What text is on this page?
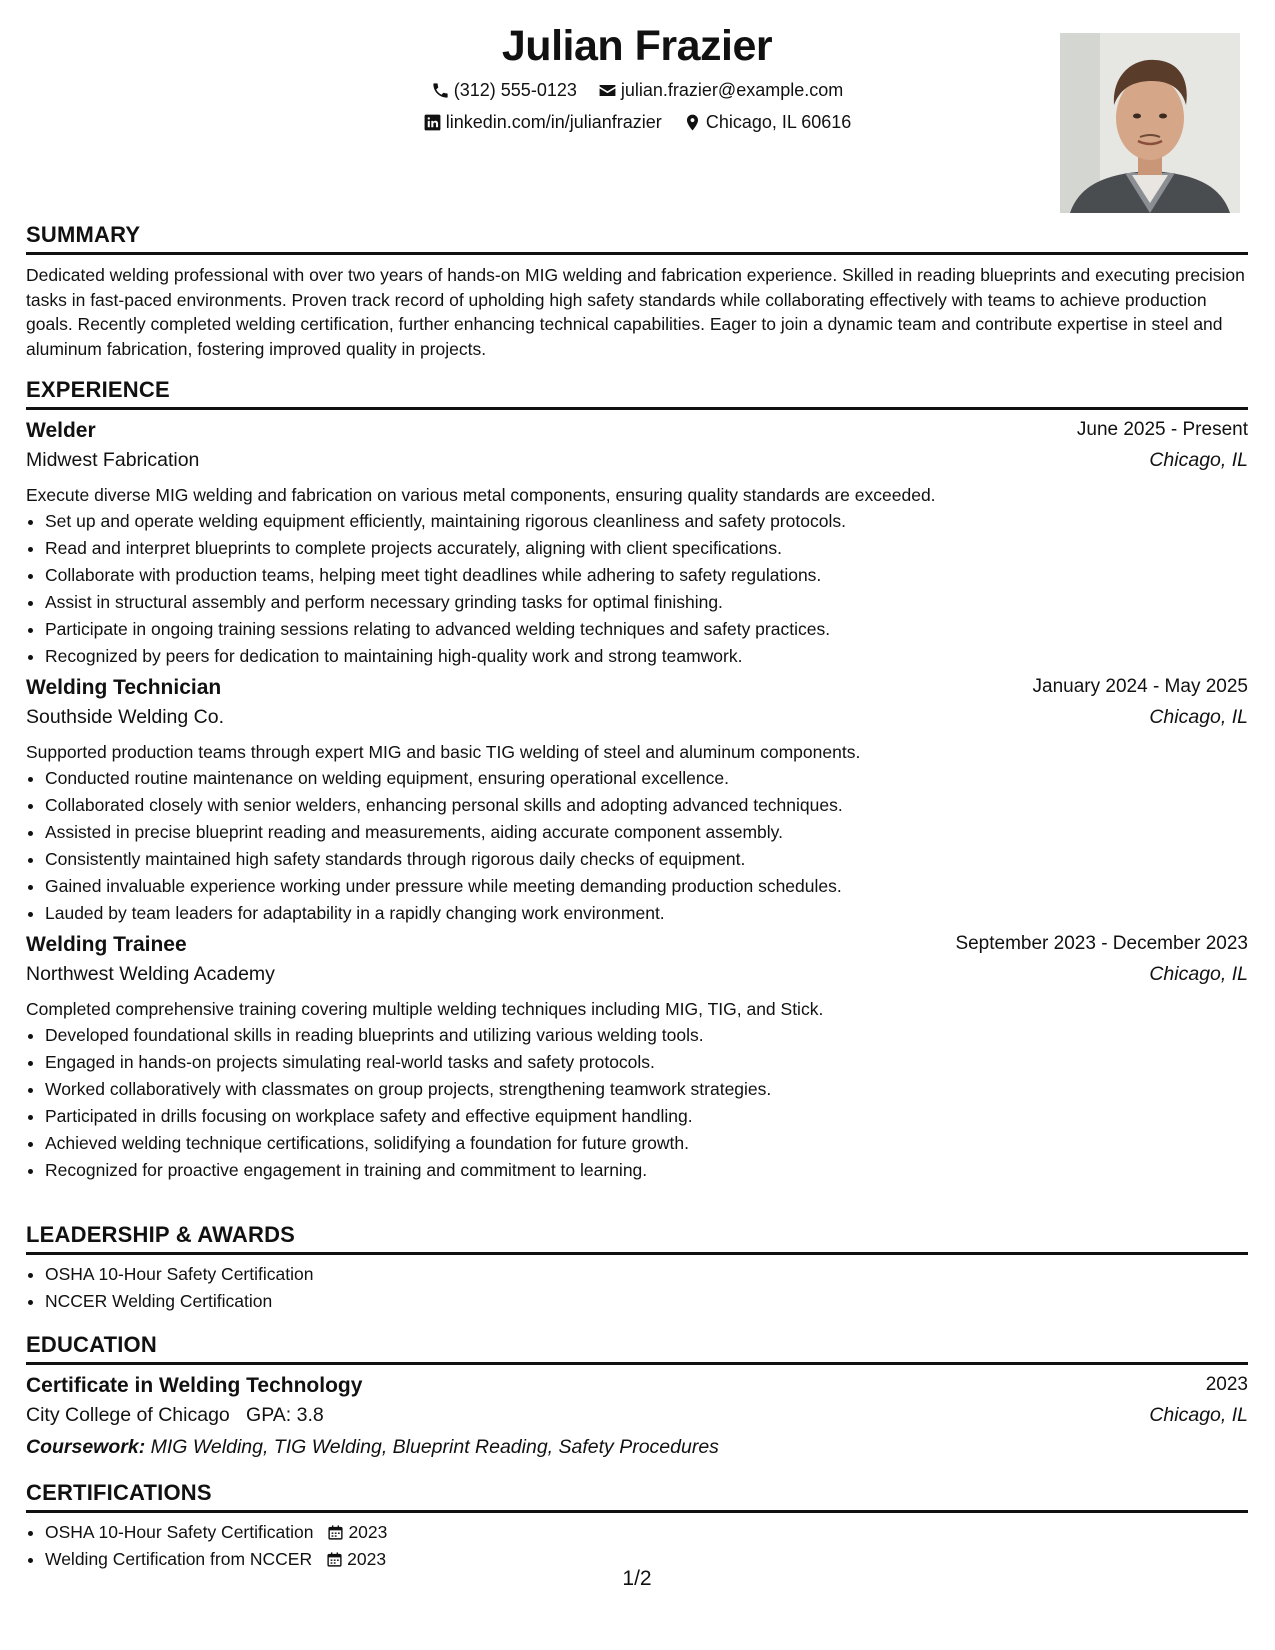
Julian Frazier
(312) 555-0123
julian.frazier@example.com
linkedin.com/in/julianfrazier
Chicago, IL 60616
SUMMARY
Dedicated welding professional with over two years of hands-on MIG welding and fabrication experience. Skilled in reading blueprints and executing precision tasks in fast-paced environments. Proven track record of upholding high safety standards while collaborating effectively with teams to achieve production goals. Recently completed welding certification, further enhancing technical capabilities. Eager to join a dynamic team and contribute expertise in steel and aluminum fabrication, fostering improved quality in projects.
EXPERIENCE
Welder	June 2025 - Present
Midwest Fabrication	Chicago, IL
Execute diverse MIG welding and fabrication on various metal components, ensuring quality standards are exceeded.
• Set up and operate welding equipment efficiently, maintaining rigorous cleanliness and safety protocols.
• Read and interpret blueprints to complete projects accurately, aligning with client specifications.
• Collaborate with production teams, helping meet tight deadlines while adhering to safety regulations.
• Assist in structural assembly and perform necessary grinding tasks for optimal finishing.
• Participate in ongoing training sessions relating to advanced welding techniques and safety practices.
• Recognized by peers for dedication to maintaining high-quality work and strong teamwork.
Welding Technician	January 2024 - May 2025
Southside Welding Co.	Chicago, IL
Supported production teams through expert MIG and basic TIG welding of steel and aluminum components.
• Conducted routine maintenance on welding equipment, ensuring operational excellence.
• Collaborated closely with senior welders, enhancing personal skills and adopting advanced techniques.
• Assisted in precise blueprint reading and measurements, aiding accurate component assembly.
• Consistently maintained high safety standards through rigorous daily checks of equipment.
• Gained invaluable experience working under pressure while meeting demanding production schedules.
• Lauded by team leaders for adaptability in a rapidly changing work environment.
Welding Trainee	September 2023 - December 2023
Northwest Welding Academy	Chicago, IL
Completed comprehensive training covering multiple welding techniques including MIG, TIG, and Stick.
• Developed foundational skills in reading blueprints and utilizing various welding tools.
• Engaged in hands-on projects simulating real-world tasks and safety protocols.
• Worked collaboratively with classmates on group projects, strengthening teamwork strategies.
• Participated in drills focusing on workplace safety and effective equipment handling.
• Achieved welding technique certifications, solidifying a foundation for future growth.
• Recognized for proactive engagement in training and commitment to learning.
LEADERSHIP & AWARDS
• OSHA 10-Hour Safety Certification
• NCCER Welding Certification
EDUCATION
Certificate in Welding Technology	2023
City College of Chicago GPA: 3.8	Chicago, IL
Coursework: MIG Welding, TIG Welding, Blueprint Reading, Safety Procedures
CERTIFICATIONS
• OSHA 10-Hour Safety Certification 2023
• Welding Certification from NCCER 2023
1/2
